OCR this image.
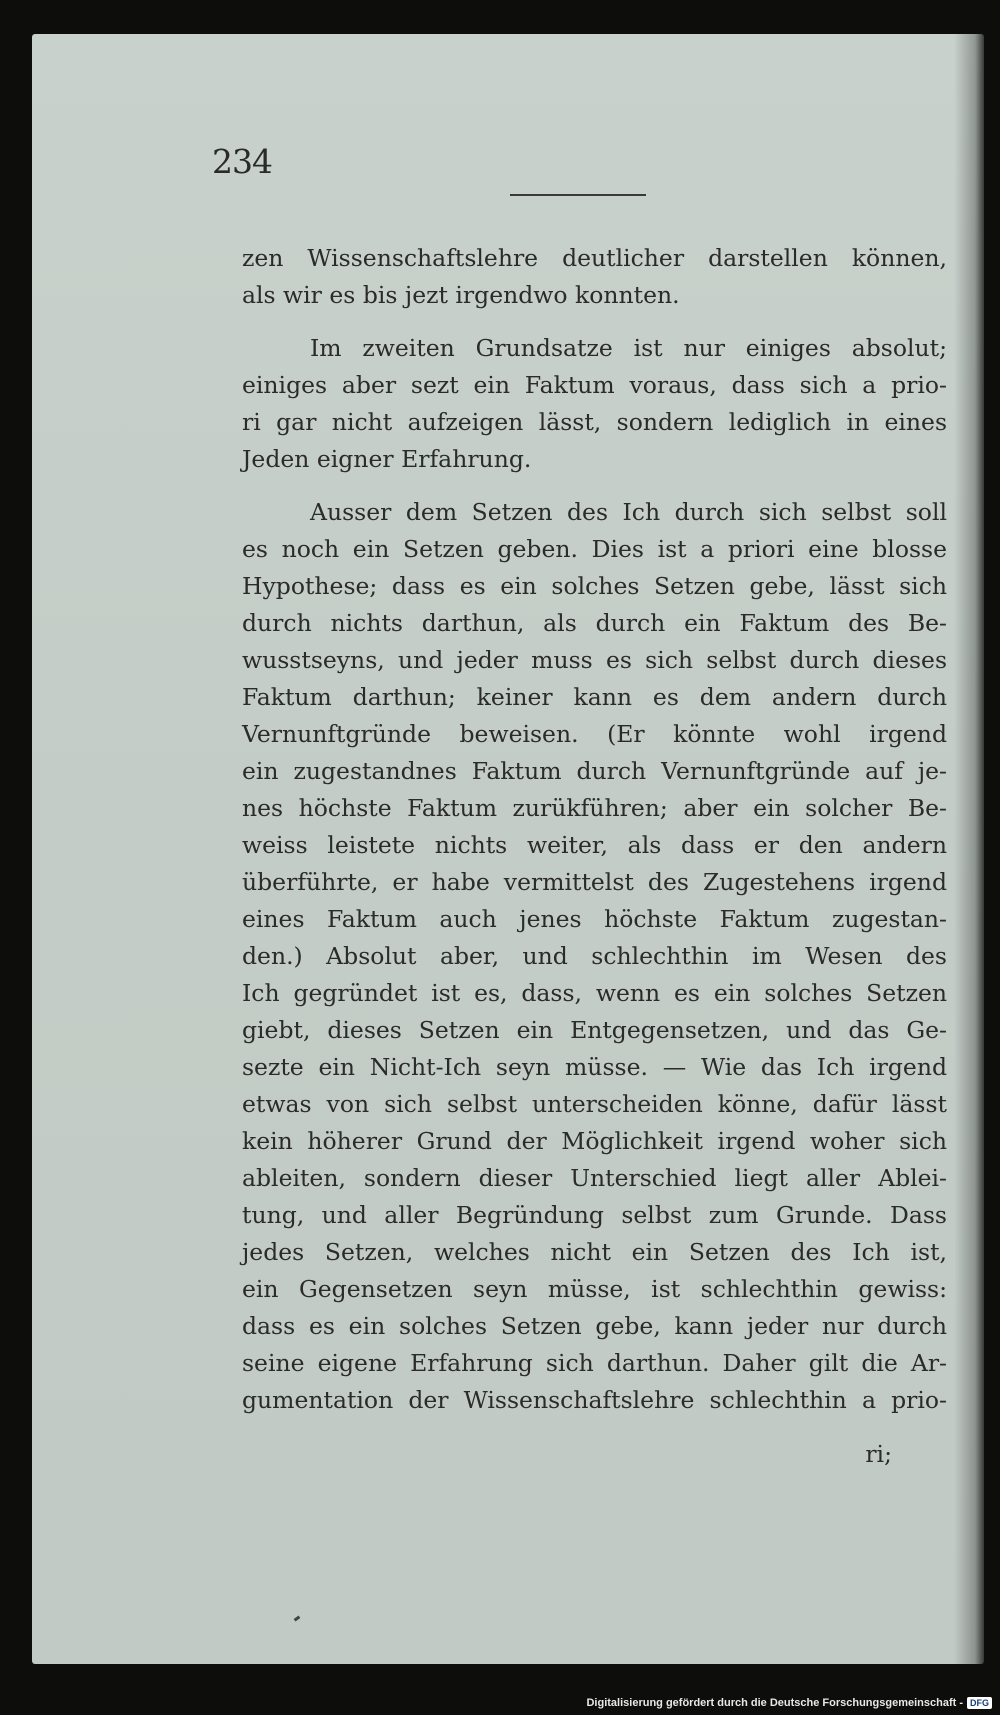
234
zen Wissenschaftslehre deutlicher darstellen können,
als wir es bis jezt irgendwo konnten.
Im zweiten Grundsatze ist nur einiges absolut;
einiges aber sezt ein Faktum voraus, dass sich a prio-
ri gar nicht aufzeigen lässt, sondern lediglich in eines
Jeden eigner Erfahrung.
Ausser dem Setzen des Ich durch sich selbst soll
es noch ein Setzen geben. Dies ist a priori eine blosse
Hypothese; dass es ein solches Setzen gebe, lässt sich
durch nichts darthun, als durch ein Faktum des Be-
wusstseyns, und jeder muss es sich selbst durch dieses
Faktum darthun; keiner kann es dem andern durch
Vernunftgründe beweisen. (Er könnte wohl irgend
ein zugestandnes Faktum durch Vernunftgründe auf je-
nes höchste Faktum zurükführen; aber ein solcher Be-
weiss leistete nichts weiter, als dass er den andern
überführte, er habe vermittelst des Zugestehens irgend
eines Faktum auch jenes höchste Faktum zugestan-
den.) Absolut aber, und schlechthin im Wesen des
Ich gegründet ist es, dass, wenn es ein solches Setzen
giebt, dieses Setzen ein Entgegensetzen, und das Ge-
sezte ein Nicht-Ich seyn müsse. — Wie das Ich irgend
etwas von sich selbst unterscheiden könne, dafür lässt
kein höherer Grund der Möglichkeit irgend woher sich
ableiten, sondern dieser Unterschied liegt aller Ablei-
tung, und aller Begründung selbst zum Grunde. Dass
jedes Setzen, welches nicht ein Setzen des Ich ist,
ein Gegensetzen seyn müsse, ist schlechthin gewiss:
dass es ein solches Setzen gebe, kann jeder nur durch
seine eigene Erfahrung sich darthun. Daher gilt die Ar-
gumentation der Wissenschaftslehre schlechthin a prio-
ri;
Digitalisierung gefördert durch die Deutsche Forschungsgemeinschaft - DFG
